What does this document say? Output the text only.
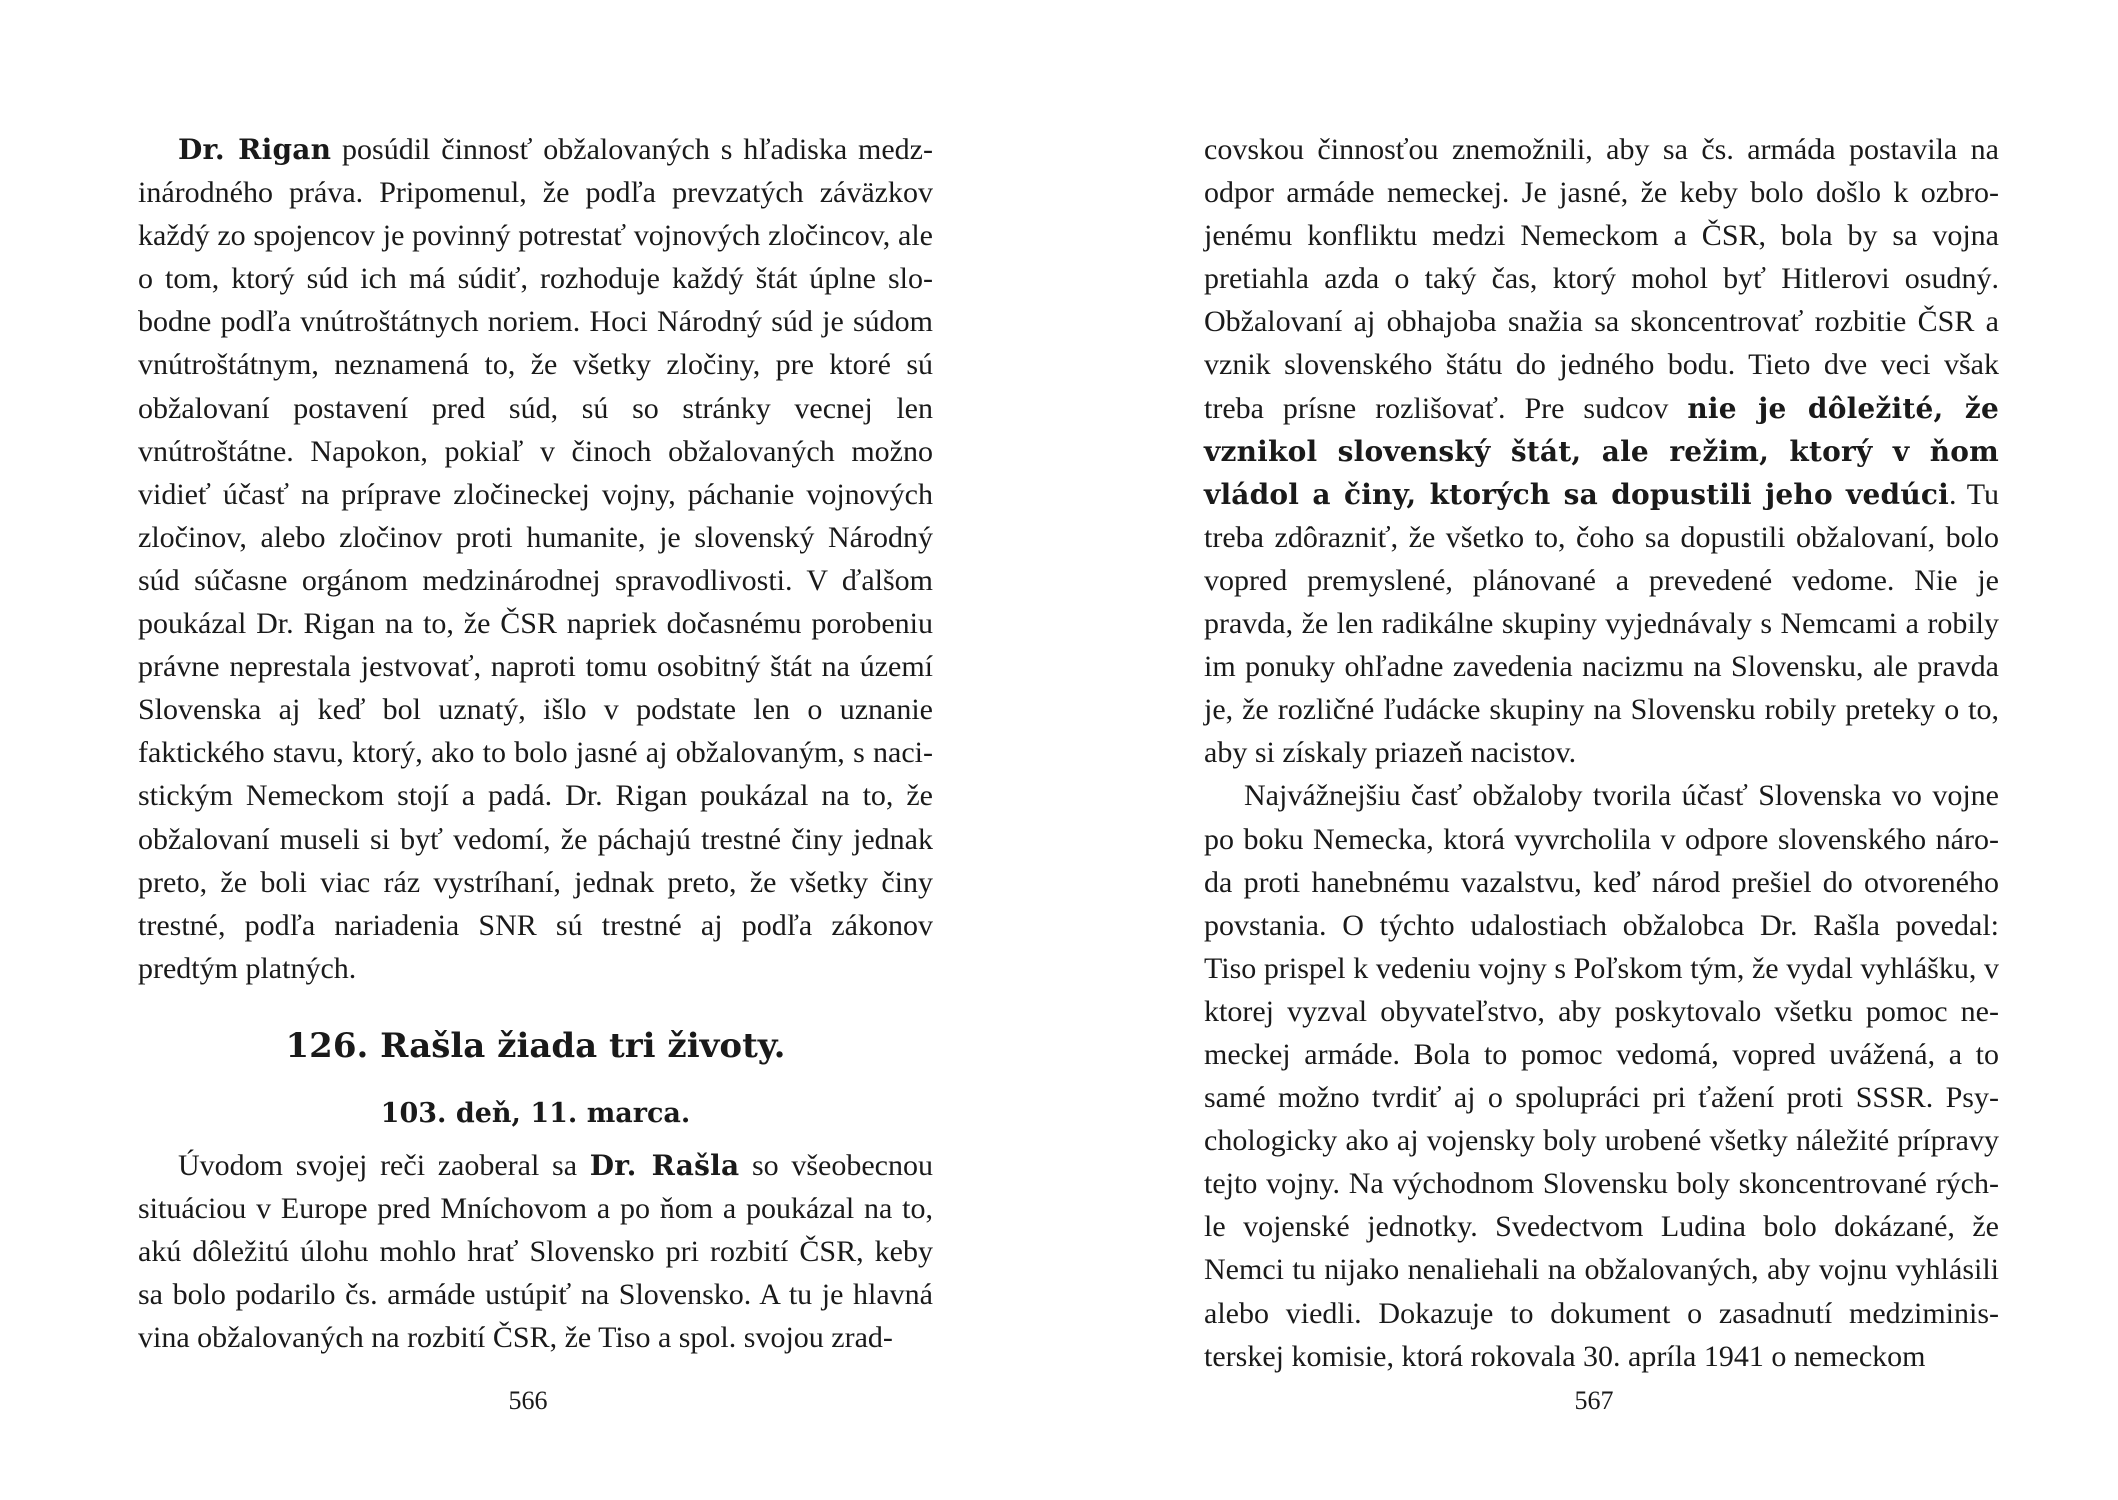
Dr. Rigan posúdil činnosť obžalovaných s hľadiska medzinárodného práva. Pripomenul, že podľa prevzatých záväzkov každý zo spojencov je povinný potrestať vojnových zločincov, ale o tom, ktorý súd ich má súdiť, rozhoduje každý štát úplne slobodne podľa vnútroštátnych noriem. Hoci Národný súd je súdom vnútroštátnym, neznamená to, že všetky zločiny, pre ktoré sú obžalovaní postavení pred súd, sú so stránky vecnej len vnútroštátne. Napokon, pokiaľ v činoch obžalovaných možno vidieť účasť na príprave zločineckej vojny, páchanie vojnových zločinov, alebo zločinov proti humanite, je slovenský Národný súd súčasne orgánom medzinárodnej spravodlivosti. V ďalšom poukázal Dr. Rigan na to, že ČSR napriek dočasnému porobeniu právne neprestala jestvovať, naproti tomu osobitný štát na území Slovenska aj keď bol uznatý, išlo v podstate len o uznanie faktického stavu, ktorý, ako to bolo jasné aj obžalovaným, s nacistickým Nemeckom stojí a padá. Dr. Rigan poukázal na to, že obžalovaní museli si byť vedomí, že páchajú trestné činy jednak preto, že boli viac ráz vystríhaní, jednak preto, že všetky činy trestné, podľa nariadenia SNR sú trestné aj podľa zákonov predtým platných.

126. Rašla žiada tri životy.
103. deň, 11. marca.

Úvodom svojej reči zaoberal sa Dr. Rašla so všeobecnou situáciou v Europe pred Mníchovom a po ňom a poukázal na to, akú dôležitú úlohu mohlo hrať Slovensko pri rozbití ČSR, keby sa bolo podarilo čs. armáde ustúpiť na Slovensko. A tu je hlavná vina obžalovaných na rozbití ČSR, že Tiso a spol. svojou zrad-

covskou činnosťou znemožnili, aby sa čs. armáda postavila na odpor armáde nemeckej. Je jasné, že keby bolo došlo k ozbrojenému konfliktu medzi Nemeckom a ČSR, bola by sa vojna pretiahla azda o taký čas, ktorý mohol byť Hitlerovi osudný. Obžalovaní aj obhajoba snažia sa skoncentrovať rozbitie ČSR a vznik slovenského štátu do jedného bodu. Tieto dve veci však treba prísne rozlišovať. Pre sudcov nie je dôležité, že vznikol slovenský štát, ale režim, ktorý v ňom vládol a činy, ktorých sa dopustili jeho vedúci. Tu treba zdôrazniť, že všetko to, čoho sa dopustili obžalovaní, bolo vopred premyslené, plánované a prevedené vedome. Nie je pravda, že len radikálne skupiny vyjednávaly s Nemcami a robily im ponuky ohľadne zavedenia nacizmu na Slovensku, ale pravda je, že rozličné ľudácke skupiny na Slovensku robily preteky o to, aby si získaly priazeň nacistov.

Najvážnejšiu časť obžaloby tvorila účasť Slovenska vo vojne po boku Nemecka, ktorá vyvrcholila v odpore slovenského národa proti hanebnému vazalstvu, keď národ prešiel do otvoreného povstania. O týchto udalostiach obžalobca Dr. Rašla povedal: Tiso prispel k vedeniu vojny s Poľskom tým, že vydal vyhlášku, v ktorej vyzval obyvateľstvo, aby poskytovalo všetku pomoc nemeckej armáde. Bola to pomoc vedomá, vopred uvážená, a to samé možno tvrdiť aj o spolupráci pri ťažení proti SSSR. Psychologicky ako aj vojensky boly urobené všetky náležité prípravy tejto vojny. Na východnom Slovensku boly skoncentrované rýchle vojenské jednotky. Svedectvom Ludina bolo dokázané, že Nemci tu nijako nenaliehali na obžalovaných, aby vojnu vyhlásili alebo viedli. Dokazuje to dokument o zasadnutí medziministerskej komisie, ktorá rokovala 30. apríla 1941 o nemeckom

566	567
